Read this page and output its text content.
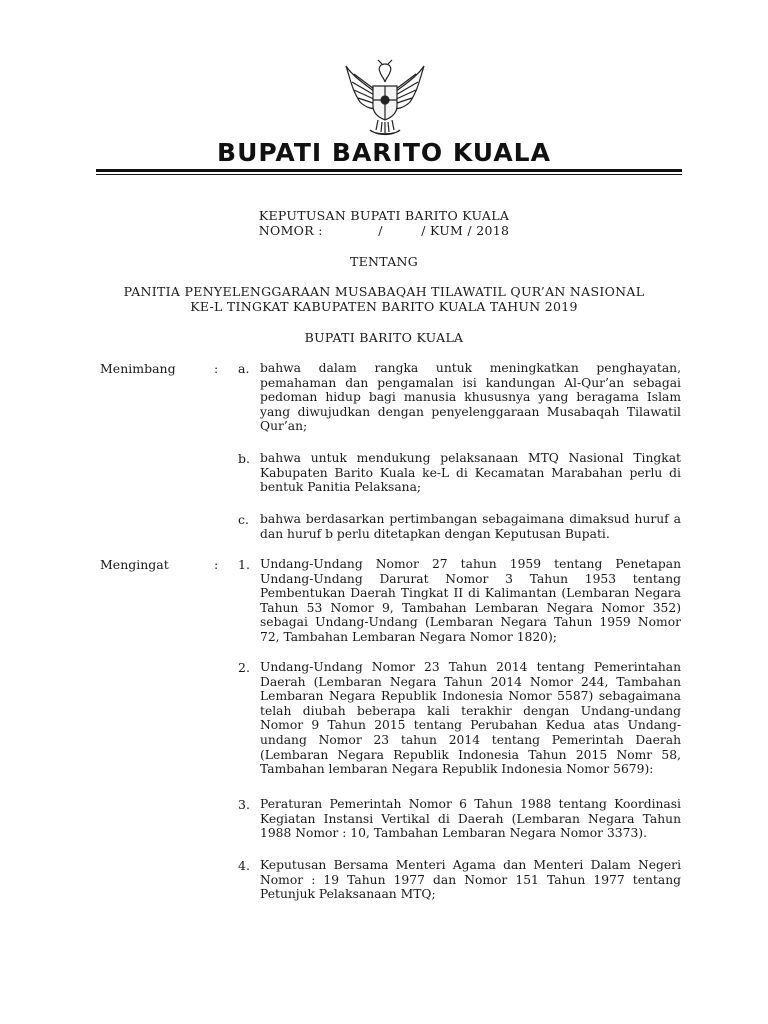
BUPATI BARITO KUALA
KEPUTUSAN BUPATI BARITO KUALA
NOMOR :             /         / KUM / 2018
TENTANG
PANITIA PENYELENGGARAAN MUSABAQAH TILAWATIL QUR’AN NASIONAL
KE-L TINGKAT KABUPATEN BARITO KUALA TAHUN 2019
BUPATI BARITO KUALA
Menimbang	: a. bahwa dalam rangka untuk meningkatkan penghayatan, pemahaman dan pengamalan isi kandungan Al-Qur’an sebagai pedoman hidup bagi manusia khususnya yang beragama Islam yang diwujudkan dengan penyelenggaraan Musabaqah Tilawatil Qur’an;
b. bahwa untuk mendukung pelaksanaan MTQ Nasional Tingkat Kabupaten Barito Kuala ke-L di Kecamatan Marabahan perlu di bentuk Panitia Pelaksana;
c. bahwa berdasarkan pertimbangan sebagaimana dimaksud huruf a dan huruf b perlu ditetapkan dengan Keputusan Bupati.
Mengingat	: 1. Undang-Undang Nomor 27 tahun 1959 tentang Penetapan Undang-Undang Darurat Nomor 3 Tahun 1953 tentang Pembentukan Daerah Tingkat II di Kalimantan (Lembaran Negara Tahun 53 Nomor 9, Tambahan Lembaran Negara Nomor 352) sebagai Undang-Undang (Lembaran Negara Tahun 1959 Nomor 72, Tambahan Lembaran Negara Nomor 1820);
2. Undang-Undang Nomor 23 Tahun 2014 tentang Pemerintahan Daerah (Lembaran Negara Tahun 2014 Nomor 244, Tambahan Lembaran Negara Republik Indonesia Nomor 5587) sebagaimana telah diubah beberapa kali terakhir dengan Undang-undang Nomor 9 Tahun 2015 tentang Perubahan Kedua atas Undang-undang Nomor 23 tahun 2014 tentang Pemerintah Daerah (Lembaran Negara Republik Indonesia Tahun 2015 Nomr 58, Tambahan lembaran Negara Republik Indonesia Nomor 5679):
3. Peraturan Pemerintah Nomor 6 Tahun 1988 tentang Koordinasi Kegiatan Instansi Vertikal di Daerah (Lembaran Negara Tahun 1988 Nomor : 10, Tambahan Lembaran Negara Nomor 3373).
4. Keputusan Bersama Menteri Agama dan Menteri Dalam Negeri Nomor : 19 Tahun 1977 dan Nomor 151 Tahun 1977 tentang Petunjuk Pelaksanaan MTQ;
